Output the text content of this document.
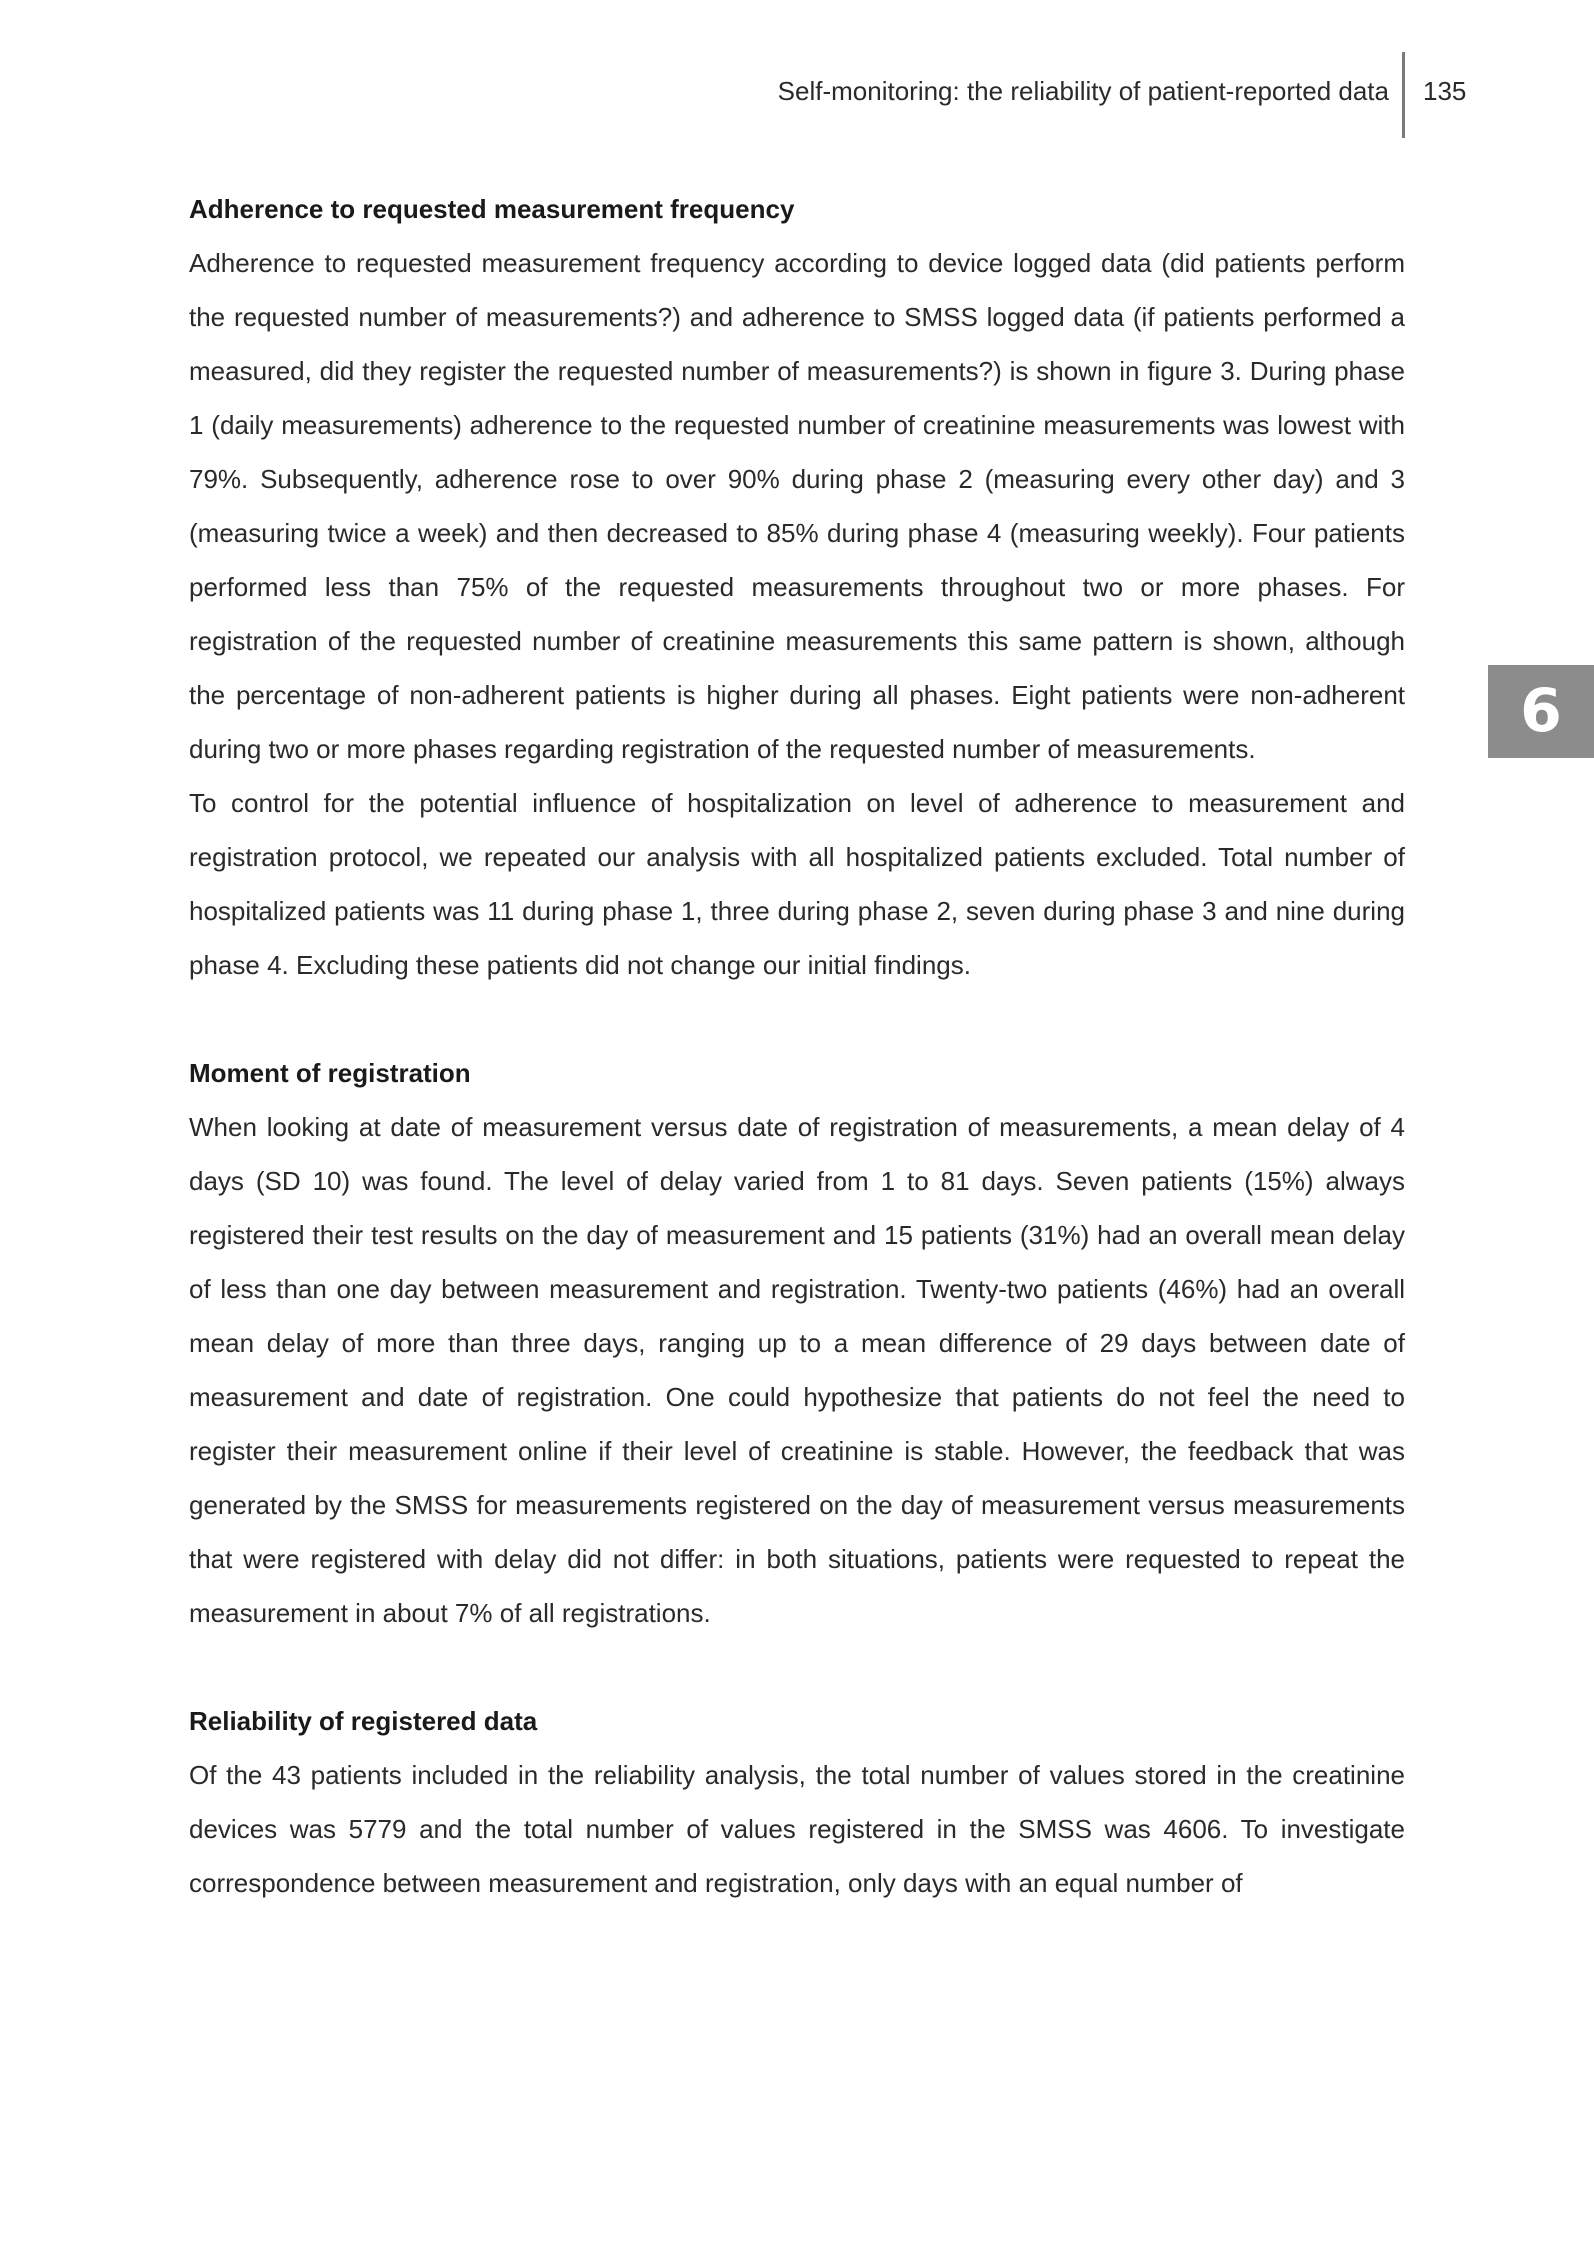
Self-monitoring: the reliability of patient-reported data 135
6
Adherence to requested measurement frequency

Adherence to requested measurement frequency according to device logged data (did patients perform the requested number of measurements?) and adherence to SMSS logged data (if patients performed a measured, did they register the requested number of measurements?) is shown in figure 3. During phase 1 (daily measurements) adherence to the requested number of creatinine measurements was lowest with 79%. Subsequently, adherence rose to over 90% during phase 2 (measuring every other day) and 3 (measuring twice a week) and then decreased to 85% during phase 4 (measuring weekly). Four patients performed less than 75% of the requested measurements throughout two or more phases. For registration of the requested number of creatinine measurements this same pattern is shown, although the percentage of non-adherent patients is higher during all phases. Eight patients were non-adherent during two or more phases regarding registration of the requested number of measurements.

To control for the potential influence of hospitalization on level of adherence to measurement and registration protocol, we repeated our analysis with all hospitalized patients excluded. Total number of hospitalized patients was 11 during phase 1, three during phase 2, seven during phase 3 and nine during phase 4. Excluding these patients did not change our initial findings.

Moment of registration

When looking at date of measurement versus date of registration of measurements, a mean delay of 4 days (SD 10) was found. The level of delay varied from 1 to 81 days. Seven patients (15%) always registered their test results on the day of measurement and 15 patients (31%) had an overall mean delay of less than one day between measurement and registration. Twenty-two patients (46%) had an overall mean delay of more than three days, ranging up to a mean difference of 29 days between date of measurement and date of registration. One could hypothesize that patients do not feel the need to register their measurement online if their level of creatinine is stable. However, the feedback that was generated by the SMSS for measurements registered on the day of measurement versus measurements that were registered with delay did not differ: in both situations, patients were requested to repeat the measurement in about 7% of all registrations.

Reliability of registered data

Of the 43 patients included in the reliability analysis, the total number of values stored in the creatinine devices was 5779 and the total number of values registered in the SMSS was 4606. To investigate correspondence between measurement and registration, only days with an equal number of
